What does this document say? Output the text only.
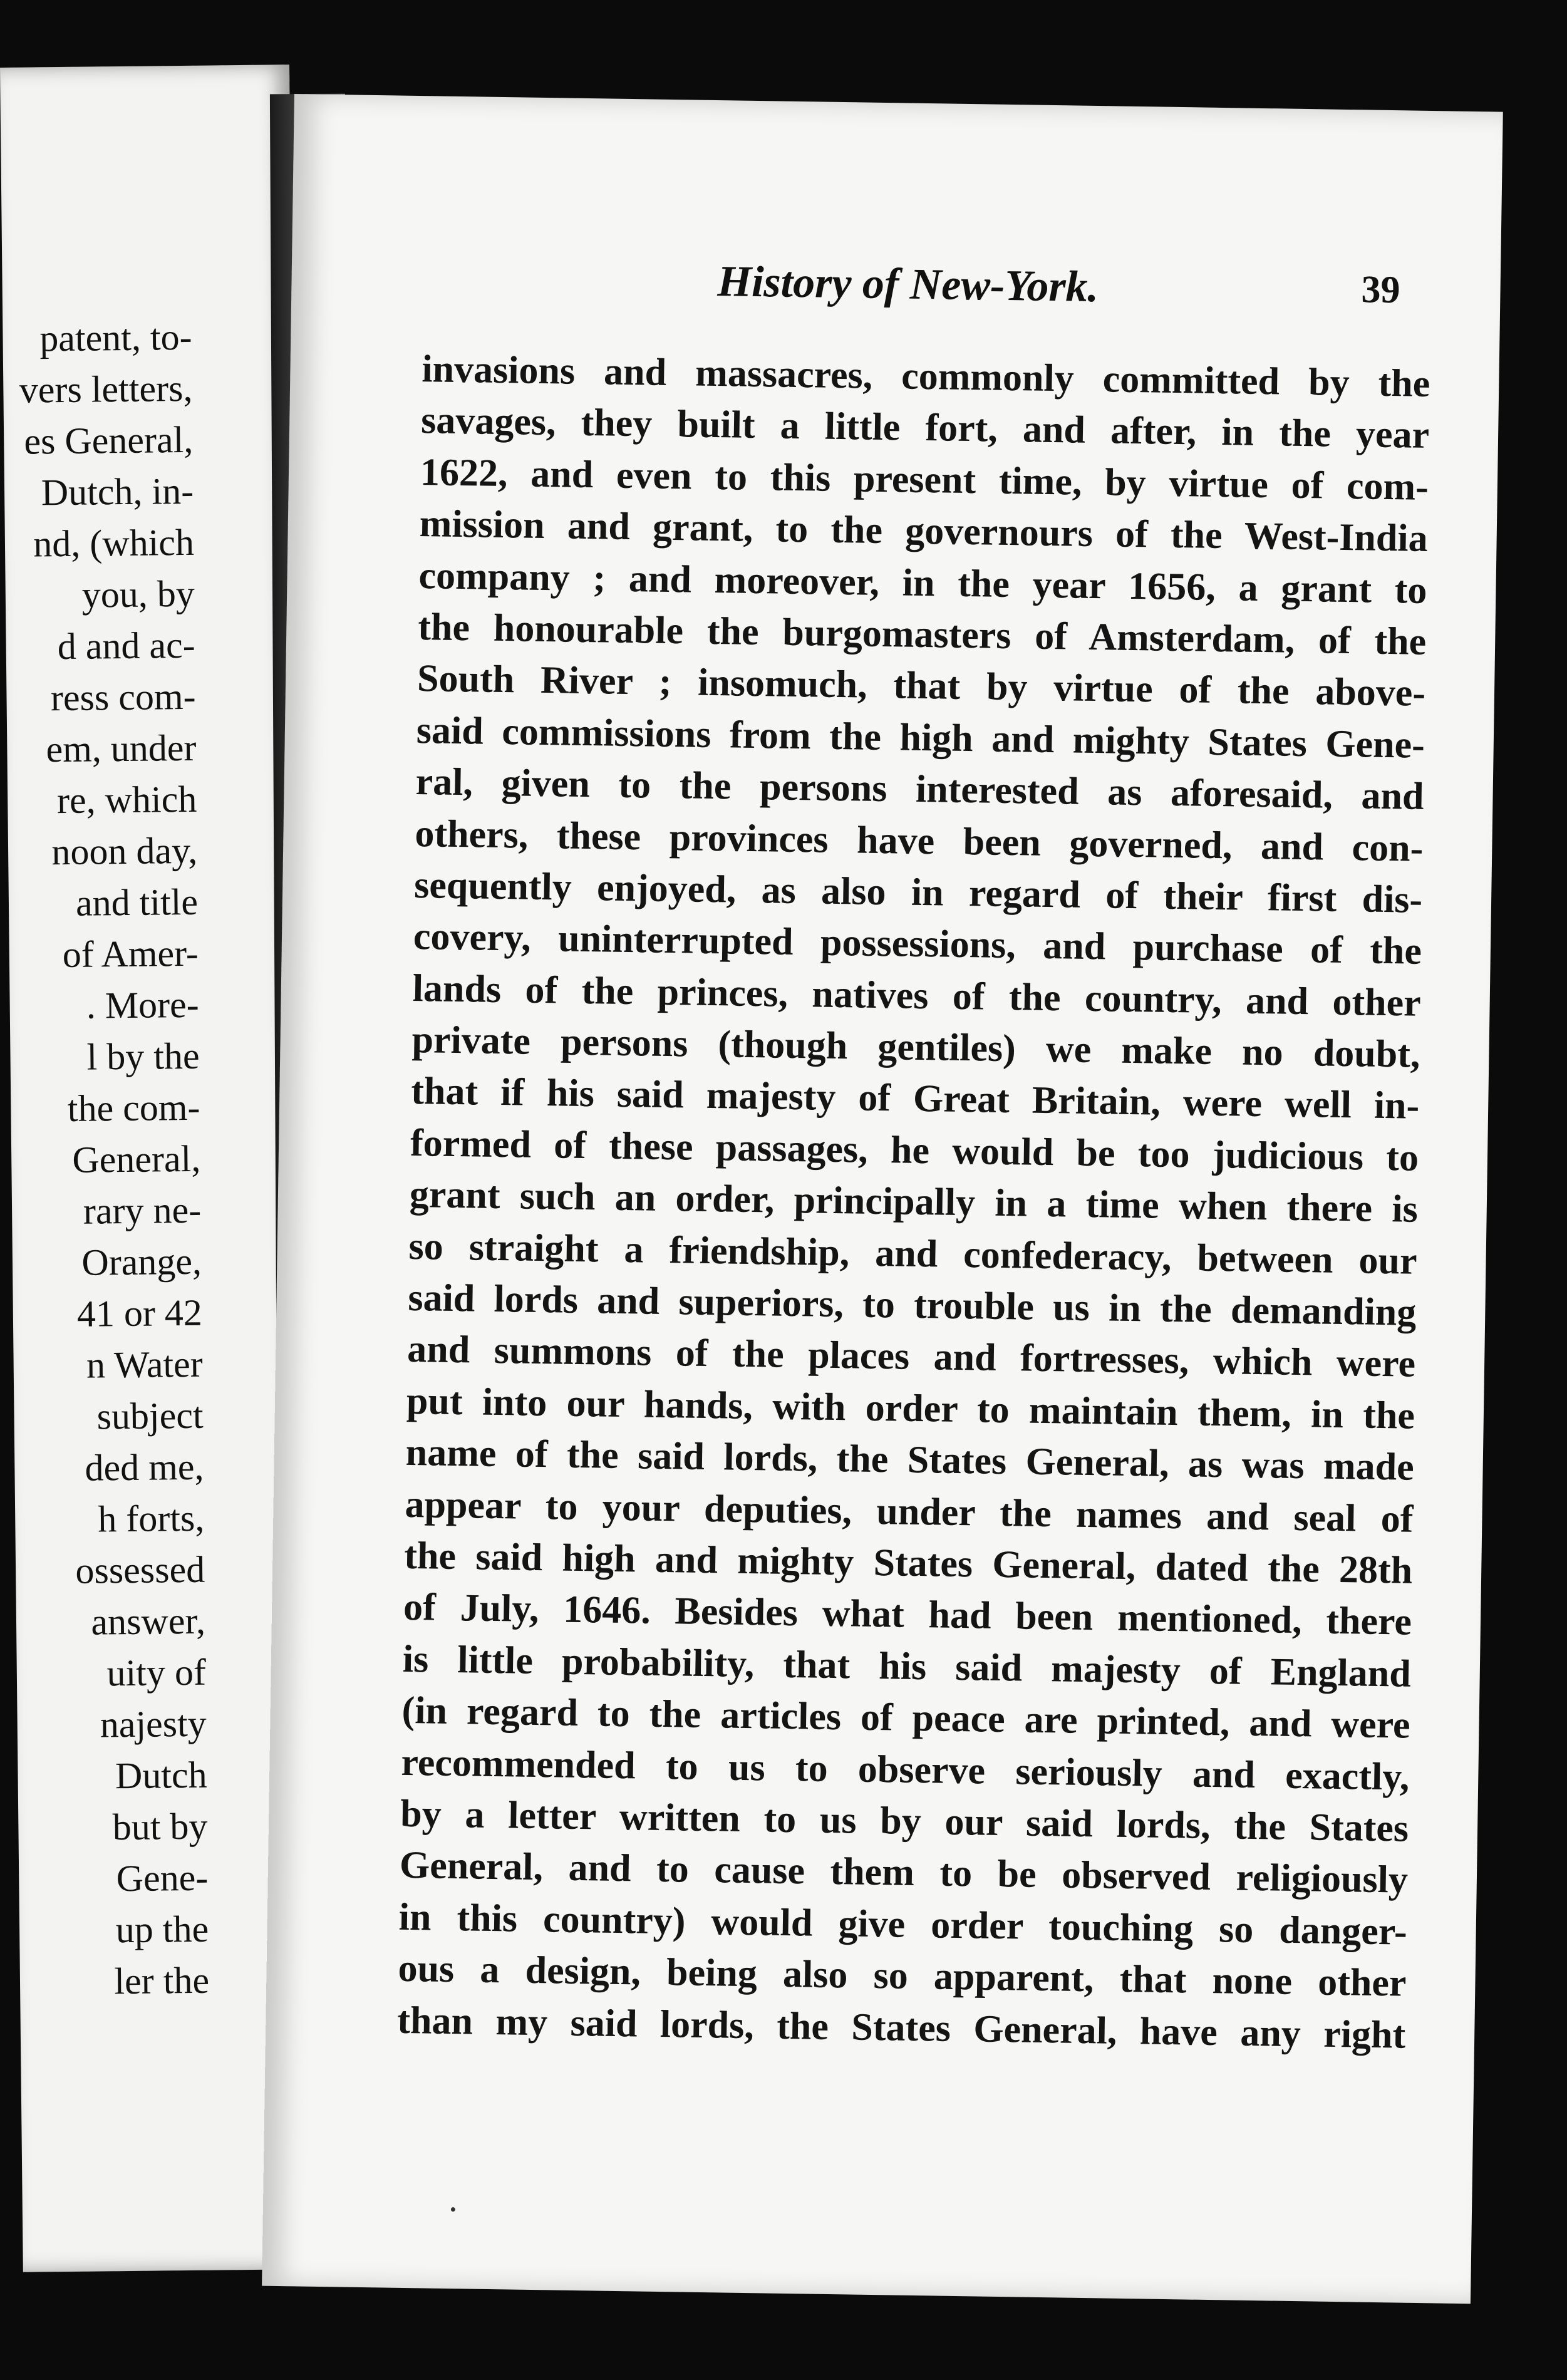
patent, to-
vers letters,
es General,
Dutch, in-
nd, (which
you, by
d and ac-
ress com-
em, under
re, which
noon day,
and title
of Amer-
. More-
l by the
the com-
General,
rary ne-
Orange,
41 or 42
n Water
subject
ded me,
h forts,
ossessed
answer,
uity of
najesty
Dutch
but by
Gene-
up the
ler the
History of New-York.	39
invasions and massacres, commonly committed by the
savages, they built a little fort, and after, in the year
1622, and even to this present time, by virtue of com-
mission and grant, to the governours of the West-India
company ; and moreover, in the year 1656, a grant to
the honourable the burgomasters of Amsterdam, of the
South River ; insomuch, that by virtue of the above-
said commissions from the high and mighty States Gene-
ral, given to the persons interested as aforesaid, and
others, these provinces have been governed, and con-
sequently enjoyed, as also in regard of their first dis-
covery, uninterrupted possessions, and purchase of the
lands of the princes, natives of the country, and other
private persons (though gentiles) we make no doubt,
that if his said majesty of Great Britain, were well in-
formed of these passages, he would be too judicious to
grant such an order, principally in a time when there is
so straight a friendship, and confederacy, between our
said lords and superiors, to trouble us in the demanding
and summons of the places and fortresses, which were
put into our hands, with order to maintain them, in the
name of the said lords, the States General, as was made
appear to your deputies, under the names and seal of
the said high and mighty States General, dated the 28th
of July, 1646. Besides what had been mentioned, there
is little probability, that his said majesty of England
(in regard to the articles of peace are printed, and were
recommended to us to observe seriously and exactly,
by a letter written to us by our said lords, the States
General, and to cause them to be observed religiously
in this country) would give order touching so danger-
ous a design, being also so apparent, that none other
than my said lords, the States General, have any right
